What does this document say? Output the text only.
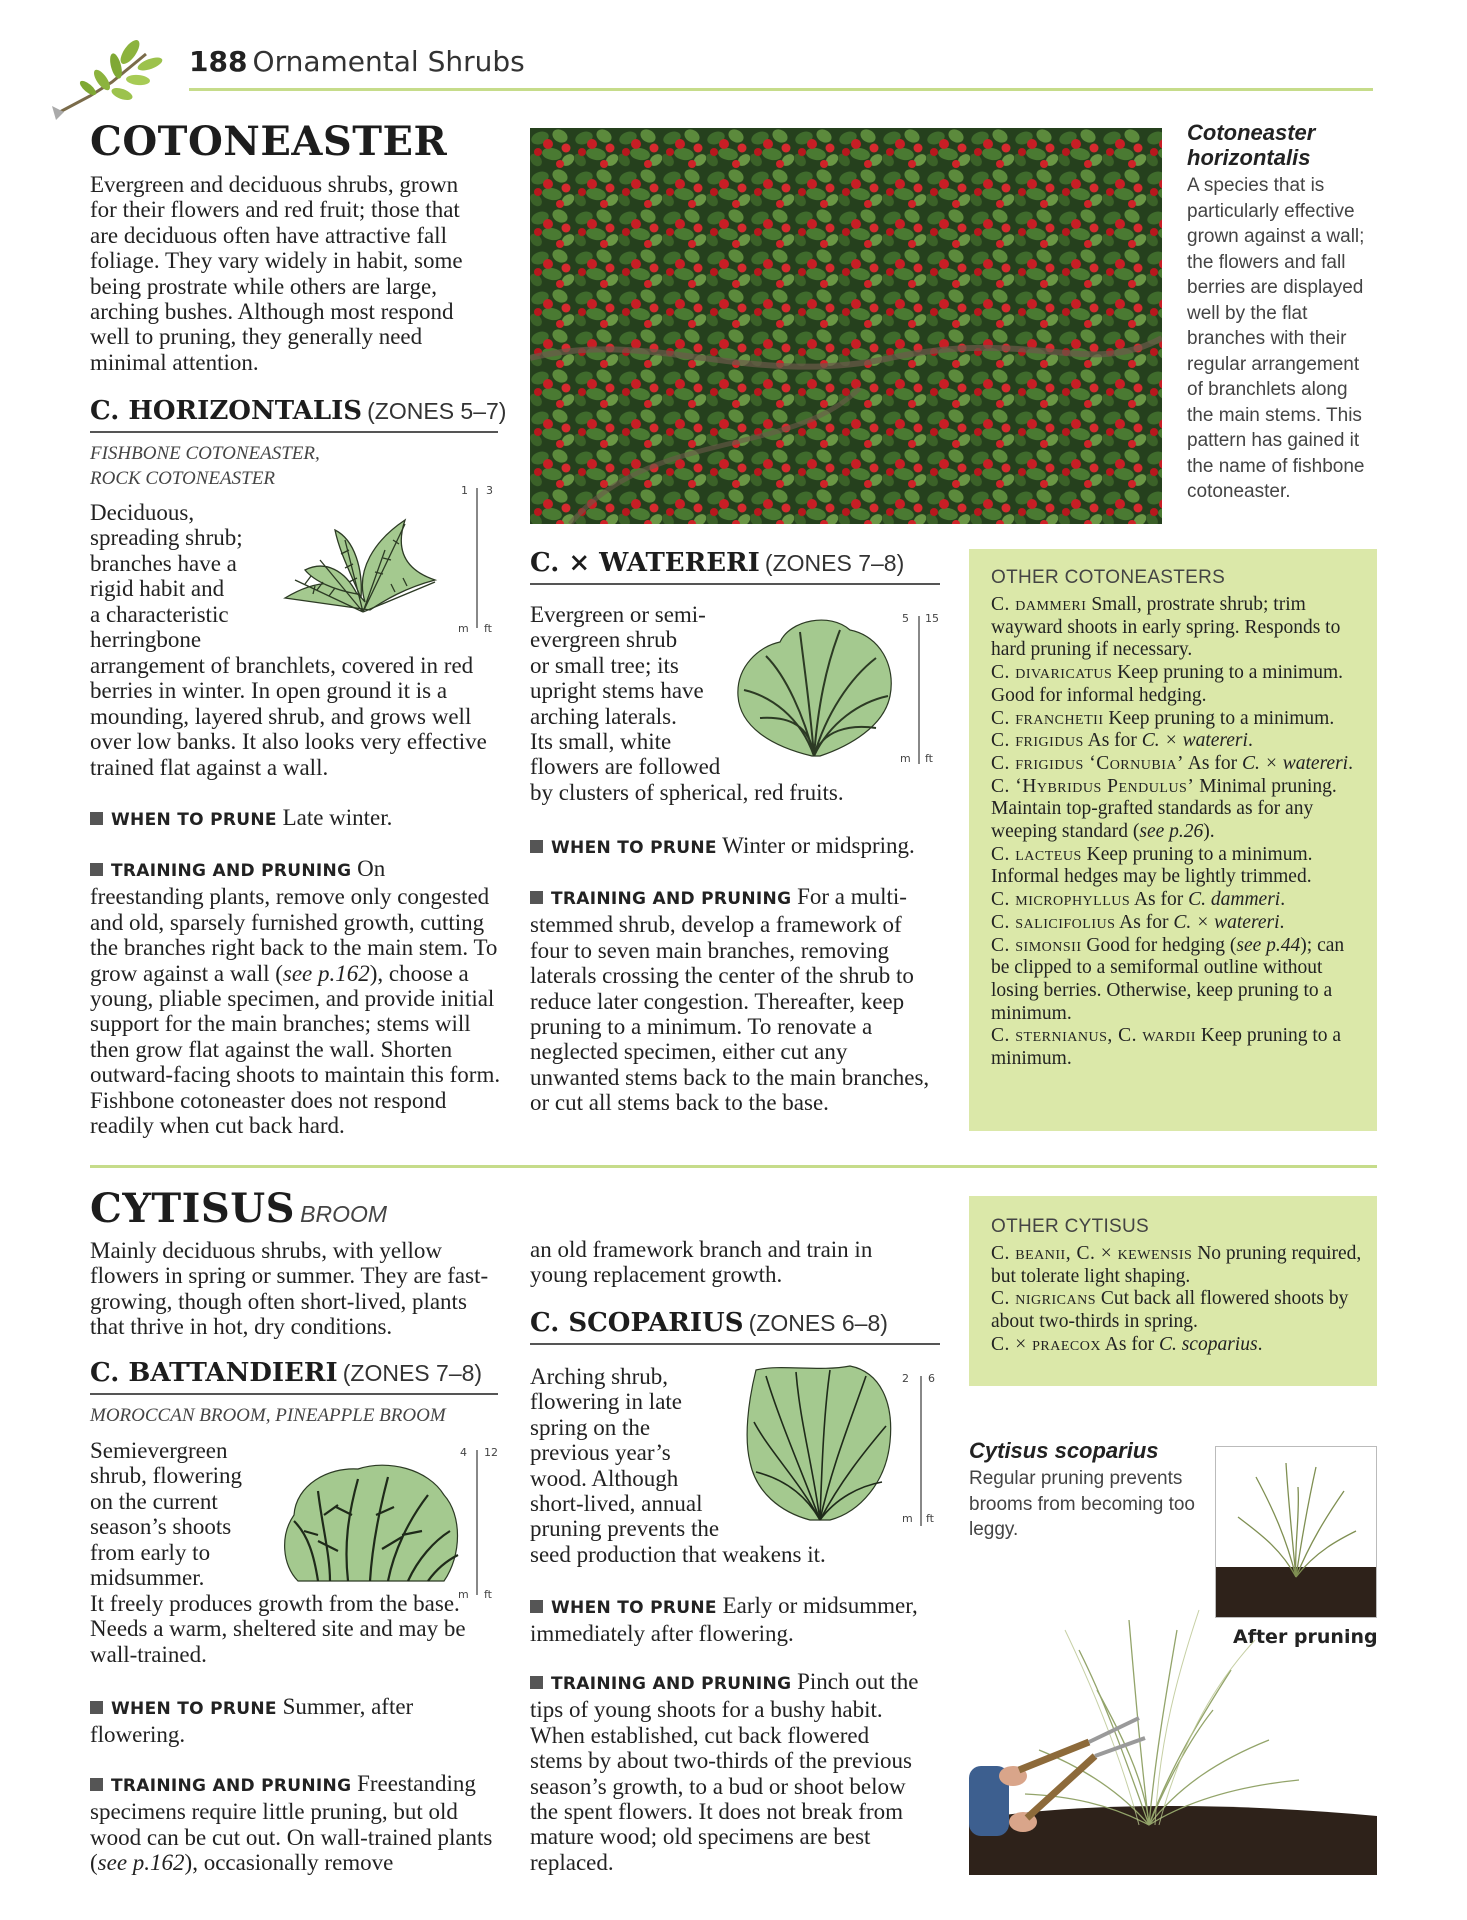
188 Ornamental Shrubs
COTONEASTER

Evergreen and deciduous shrubs, grown for their flowers and red fruit; those that are deciduous often have attractive fall foliage. They vary widely in habit, some being prostrate while others are large, arching bushes. Although most respond well to pruning, they generally need minimal attention.

C. HORIZONTALIS (ZONES 5–7)
FISHBONE COTONEASTER,
ROCK COTONEASTER
Deciduous,
spreading shrub;
branches have a
rigid habit and
a characteristic
herringbone
1 3
m ft

arrangement of branchlets, covered in red berries in winter. In open ground it is a mounding, layered shrub, and grows well over low banks. It also looks very effective trained flat against a wall.

WHEN TO PRUNE Late winter.

TRAINING AND PRUNING On freestanding plants, remove only congested and old, sparsely furnished growth, cutting the branches right back to the main stem. To grow against a wall (see p.162), choose a young, pliable specimen, and provide initial support for the main branches; stems will then grow flat against the wall. Shorten outward-facing shoots to maintain this form. Fishbone cotoneaster does not respond readily when cut back hard.

Cotoneaster horizontalis

A species that is particularly effective grown against a wall; the flowers and fall berries are displayed well by the flat branches with their regular arrangement of branchlets along the main stems. This pattern has gained it the name of fishbone cotoneaster.

C. × WATERERI (ZONES 7–8)
Evergreen or semi-
evergreen shrub
or small tree; its
upright stems have
arching laterals.
Its small, white
flowers are followed
5 15
m ft

by clusters of spherical, red fruits.

WHEN TO PRUNE Winter or midspring.

TRAINING AND PRUNING For a multi-stemmed shrub, develop a framework of four to seven main branches, removing laterals crossing the center of the shrub to reduce later congestion. Thereafter, keep pruning to a minimum. To renovate a neglected specimen, either cut any unwanted stems back to the main branches, or cut all stems back to the base.

OTHER COTONEASTERS
C. dammeri Small, prostrate shrub; trim wayward shoots in early spring. Responds to hard pruning if necessary.
C. divaricatus Keep pruning to a minimum. Good for informal hedging.
C. franchetii Keep pruning to a minimum.
C. frigidus As for C. × watereri.
C. frigidus ‘Cornubia’ As for C. × watereri.
C. ‘Hybridus Pendulus’ Minimal pruning. Maintain top-grafted standards as for any weeping standard (see p.26).
C. lacteus Keep pruning to a minimum. Informal hedges may be lightly trimmed.
C. microphyllus As for C. dammeri.
C. salicifolius As for C. × watereri.
C. simonsii Good for hedging (see p.44); can be clipped to a semiformal outline without losing berries. Otherwise, keep pruning to a minimum.
C. sternianus, C. wardii Keep pruning to a minimum.
CYTISUS BROOM

Mainly deciduous shrubs, with yellow flowers in spring or summer. They are fast-growing, though often short-lived, plants that thrive in hot, dry conditions.

C. BATTANDIERI (ZONES 7–8)
MOROCCAN BROOM, PINEAPPLE BROOM
Semievergreen
shrub, flowering
on the current
season’s shoots
from early to
midsummer.
4 12
m ft

It freely produces growth from the base. Needs a warm, sheltered site and may be wall-trained.

WHEN TO PRUNE Summer, after flowering.

TRAINING AND PRUNING Freestanding specimens require little pruning, but old wood can be cut out. On wall-trained plants (see p.162), occasionally remove

an old framework branch and train in young replacement growth.

C. SCOPARIUS (ZONES 6–8)
Arching shrub,
flowering in late
spring on the
previous year’s
wood. Although
short-lived, annual
pruning prevents the
2 6
m ft

seed production that weakens it.

WHEN TO PRUNE Early or midsummer, immediately after flowering.

TRAINING AND PRUNING Pinch out the tips of young shoots for a bushy habit. When established, cut back flowered stems by about two-thirds of the previous season’s growth, to a bud or shoot below the spent flowers. It does not break from mature wood; old specimens are best replaced.

OTHER CYTISUS
C. beanii, C. × kewensis No pruning required, but tolerate light shaping.
C. nigricans Cut back all flowered shoots by about two-thirds in spring.
C. × praecox As for C. scoparius.
Cytisus scoparius

Regular pruning prevents brooms from becoming too leggy.

After pruning
